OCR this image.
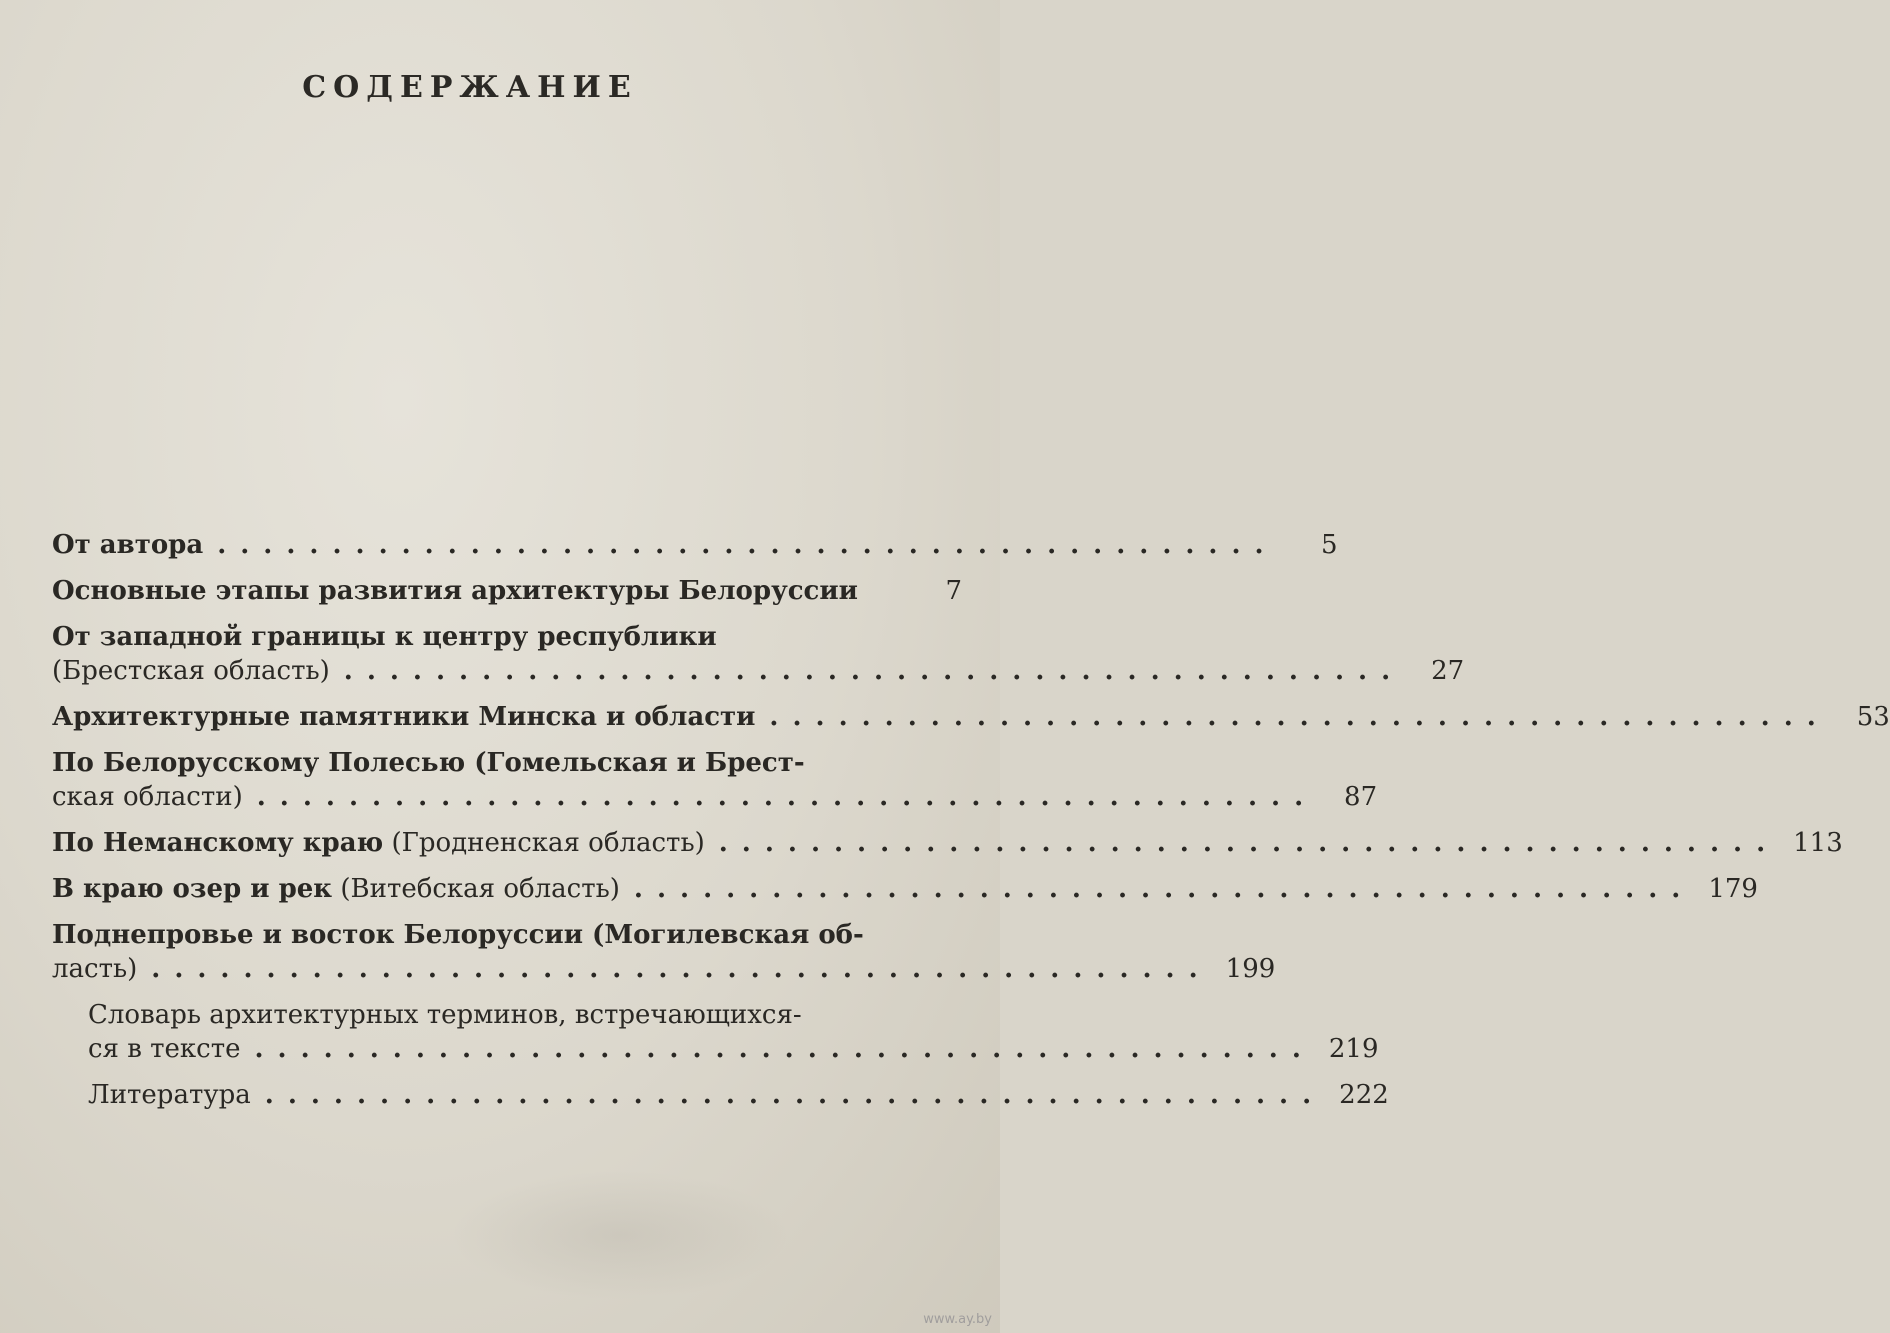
СОДЕРЖАНИЕ
От автора ..............................................	5
Основные этапы развития архитектуры Белоруссии	7
От западной границы к центру республики
(Брестская область) ..............................................	27
Архитектурные памятники Минска и области ..............................................	53
По Белорусскому Полесью (Гомельская и Брест-
ская области) ..............................................	87
По Неманскому краю (Гродненская область) .............................................. 113
В краю озер и рек (Витебская область) .............................................. 179
Поднепровье и восток Белоруссии (Могилевская об-
ласть) .............................................. 199
Словарь архитектурных терминов, встречающихся-
ся в тексте .............................................. 219
Литература .............................................. 222
www.ay.by
